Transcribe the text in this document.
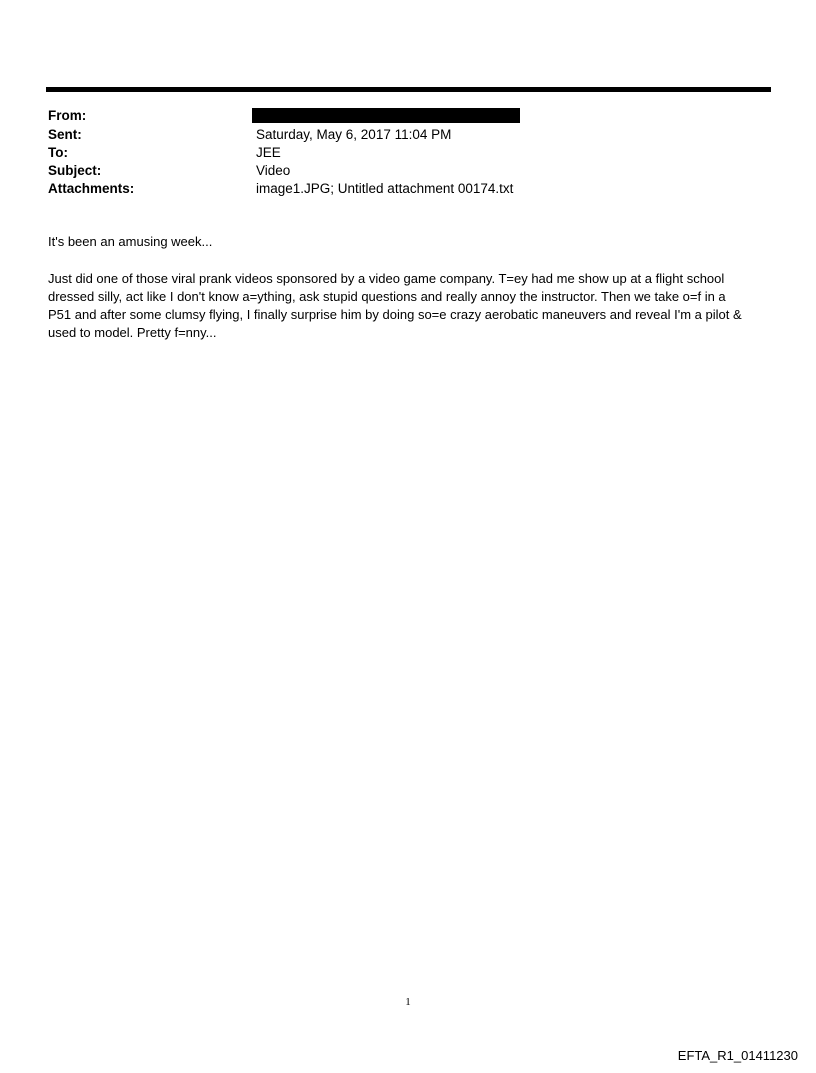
From:
Sent:	Saturday, May 6, 2017 11:04 PM
To:	JEE
Subject:	Video
Attachments:	image1.JPG; Untitled attachment 00174.txt

It's been an amusing week...

Just did one of those viral prank videos sponsored by a video game company. T=ey had me show up at a flight school
dressed silly, act like I don't know a=ything, ask stupid questions and really annoy the instructor. Then we take o=f in a
P51 and after some clumsy flying, I finally surprise him by doing so=e crazy aerobatic maneuvers and reveal I'm a pilot &
used to model. Pretty f=nny...
1
EFTA_R1_01411230
